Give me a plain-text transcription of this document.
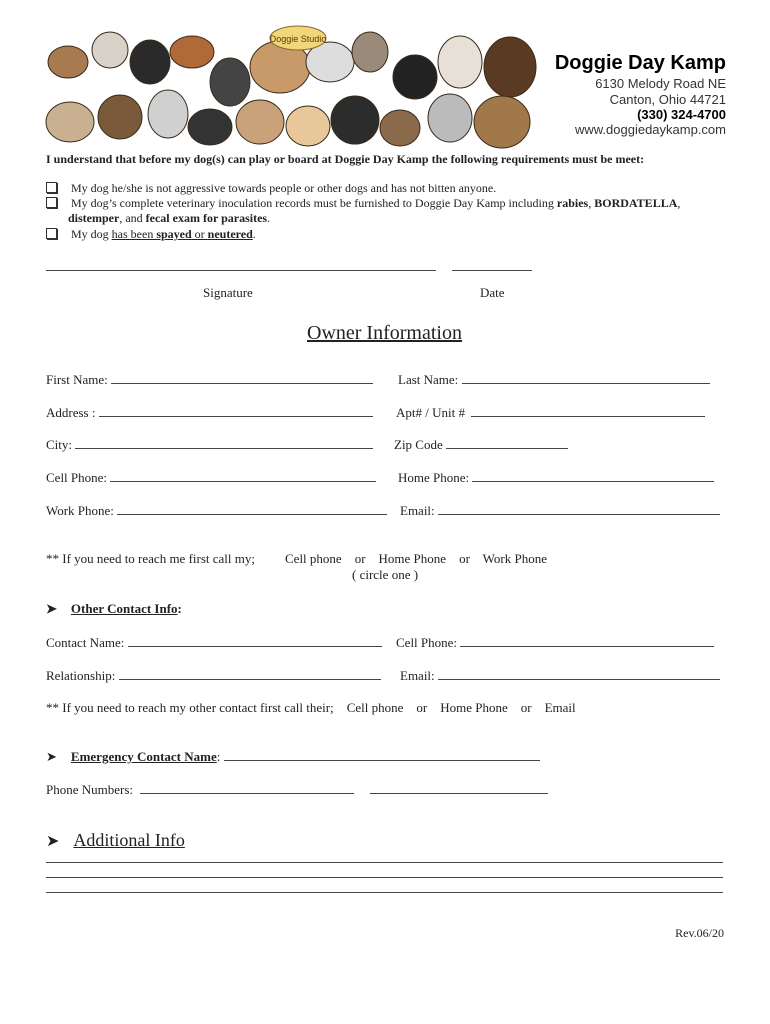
Doggie Studio
Doggie Day Kamp
6130 Melody Road NE
Canton, Ohio 44721
(330) 324-4700
www.doggiedaykamp.com
I understand that before my dog(s) can play or board at Doggie Day Kamp the following requirements must be meet:
My dog he/she is not aggressive towards people or other dogs and has not bitten anyone.
My dog’s complete veterinary inoculation records must be furnished to Doggie Day Kamp including rabies, BORDATELLA,
distemper, and fecal exam for parasites.
My dog has been spayed or neutered.
Signature	Date
Owner Information
First Name:	Last Name:
Address :	Apt# / Unit #
City:	Zip Code
Cell Phone:	Home Phone:
Work Phone:	Email:
** If you need to reach me first call my; Cell phone or Home Phone or Work Phone
( circle one )
➤ Other Contact Info:
Contact Name:	Cell Phone:
Relationship:	Email:
** If you need to reach my other contact first call their; Cell phone or Home Phone or Email
➤ Emergency Contact Name:
Phone Numbers:
➤ Additional Info
Rev.06/20
